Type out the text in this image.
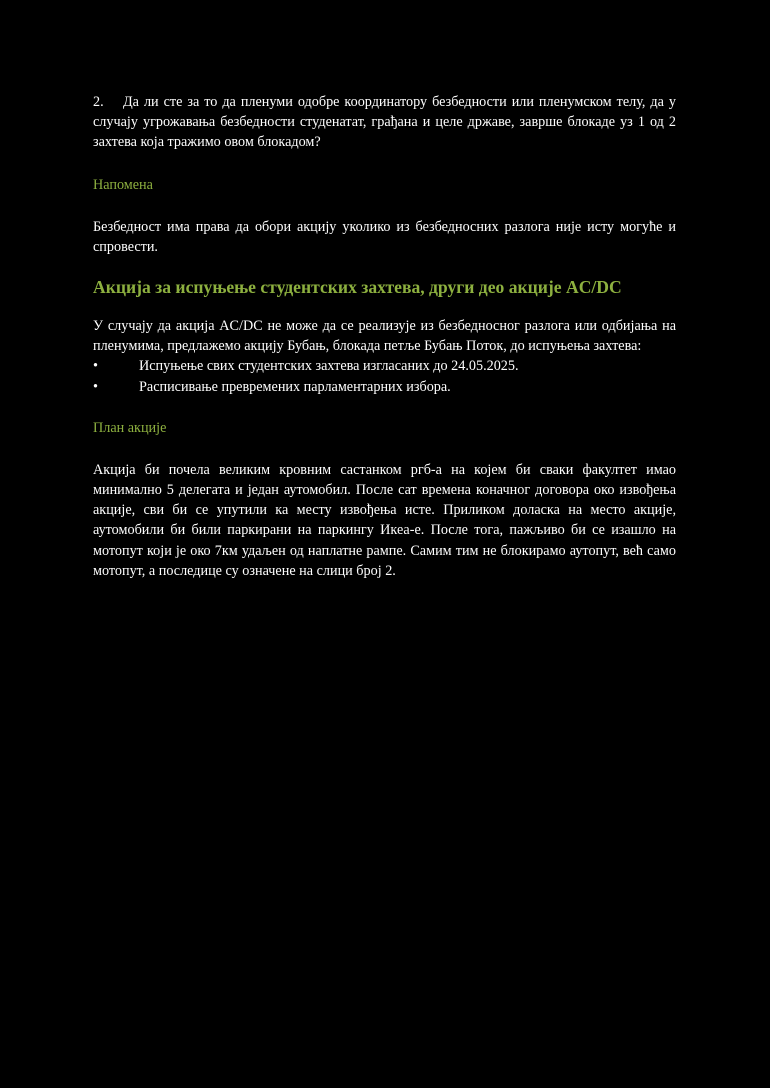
2. Да ли сте за то да пленуми одобре координатору безбедности или пленумском телу, да у случају угрожавања безбедности студенатат, грађана и целе државе, заврше блокаде уз 1 од 2 захтева која тражимо овом блокадом?

Напомена

Безбедност има права да обори акцију уколико из безбедносних разлога није исту могуће и спровести.

Акција за испуњење студентских захтева, други део акције AC/DC

У случају да акција AC/DC не може да се реализује из безбедносног разлога или одбијања на пленумима, предлажемо акцију Бубањ, блокада петље Бубањ Поток, до испуњења захтева:

•	Испуњење свих студентских захтева изгласаних до 24.05.2025.
•	Расписивање превремених парламентарних избора.

План акције

Акција би почела великим кровним састанком ргб-а на којем би сваки факултет имао минимално 5 делегата и један аутомобил. После сат времена коначног договора око извођења акције, сви би се упутили ка месту извођења исте. Приликом доласка на место акције, аутомобили би били паркирани на паркингу Икеа-е. После тога, пажљиво би се изашло на мотопут који је око 7км удаљен од наплатне рампе. Самим тим не блокирамо аутопут, већ само мотопут, а последице су означене на слици број 2.
